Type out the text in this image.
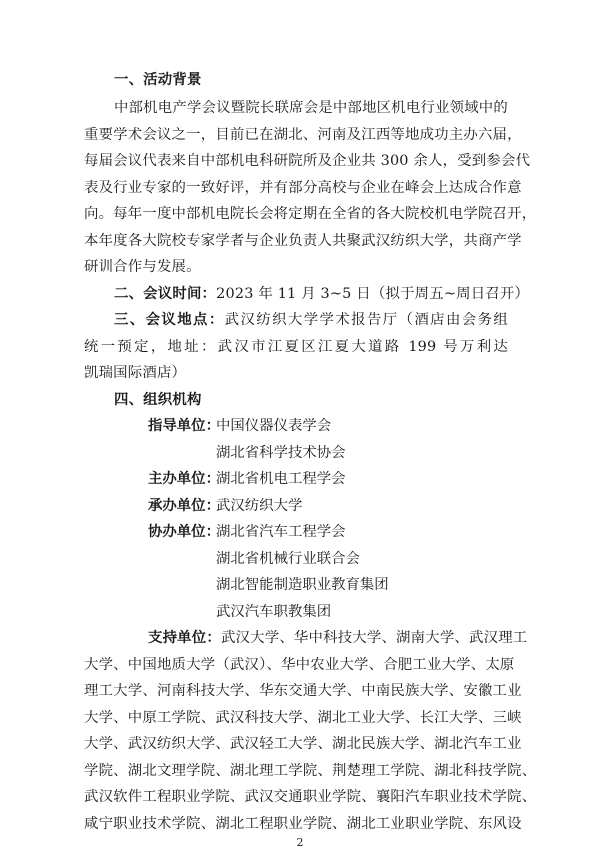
一、活动背景
中部机电产学会议暨院长联席会是中部地区机电行业领域中的
重要学术会议之一，目前已在湖北、河南及江西等地成功主办六届，
每届会议代表来自中部机电科研院所及企业共 300 余人，受到参会代
表及行业专家的一致好评，并有部分高校与企业在峰会上达成合作意
向。每年一度中部机电院长会将定期在全省的各大院校机电学院召开，
本年度各大院校专家学者与企业负责人共聚武汉纺织大学，共商产学
研训合作与发展。
二、会议时间：2023 年 11 月 3~5 日（拟于周五~周日召开）
三、会议地点：武汉纺织大学学术报告厅（酒店由会务组
统一预定，地址：武汉市江夏区江夏大道路 199 号万利达
凯瑞国际酒店）
四、组织机构
指导单位：
中国仪器仪表学会
湖北省科学技术协会
主办单位：
湖北省机电工程学会
承办单位：
武汉纺织大学
协办单位：
湖北省汽车工程学会
湖北省机械行业联合会
湖北智能制造职业教育集团
武汉汽车职教集团
支持单位：武汉大学、华中科技大学、湖南大学、武汉理工
大学、中国地质大学（武汉）、华中农业大学、合肥工业大学、太原
理工大学、河南科技大学、华东交通大学、中南民族大学、安徽工业
大学、中原工学院、武汉科技大学、湖北工业大学、长江大学、三峡
大学、武汉纺织大学、武汉轻工大学、湖北民族大学、湖北汽车工业
学院、湖北文理学院、湖北理工学院、荆楚理工学院、湖北科技学院、
武汉软件工程职业学院、武汉交通职业学院、襄阳汽车职业技术学院、
咸宁职业技术学院、湖北工程职业学院、湖北工业职业学院、东风设
2
